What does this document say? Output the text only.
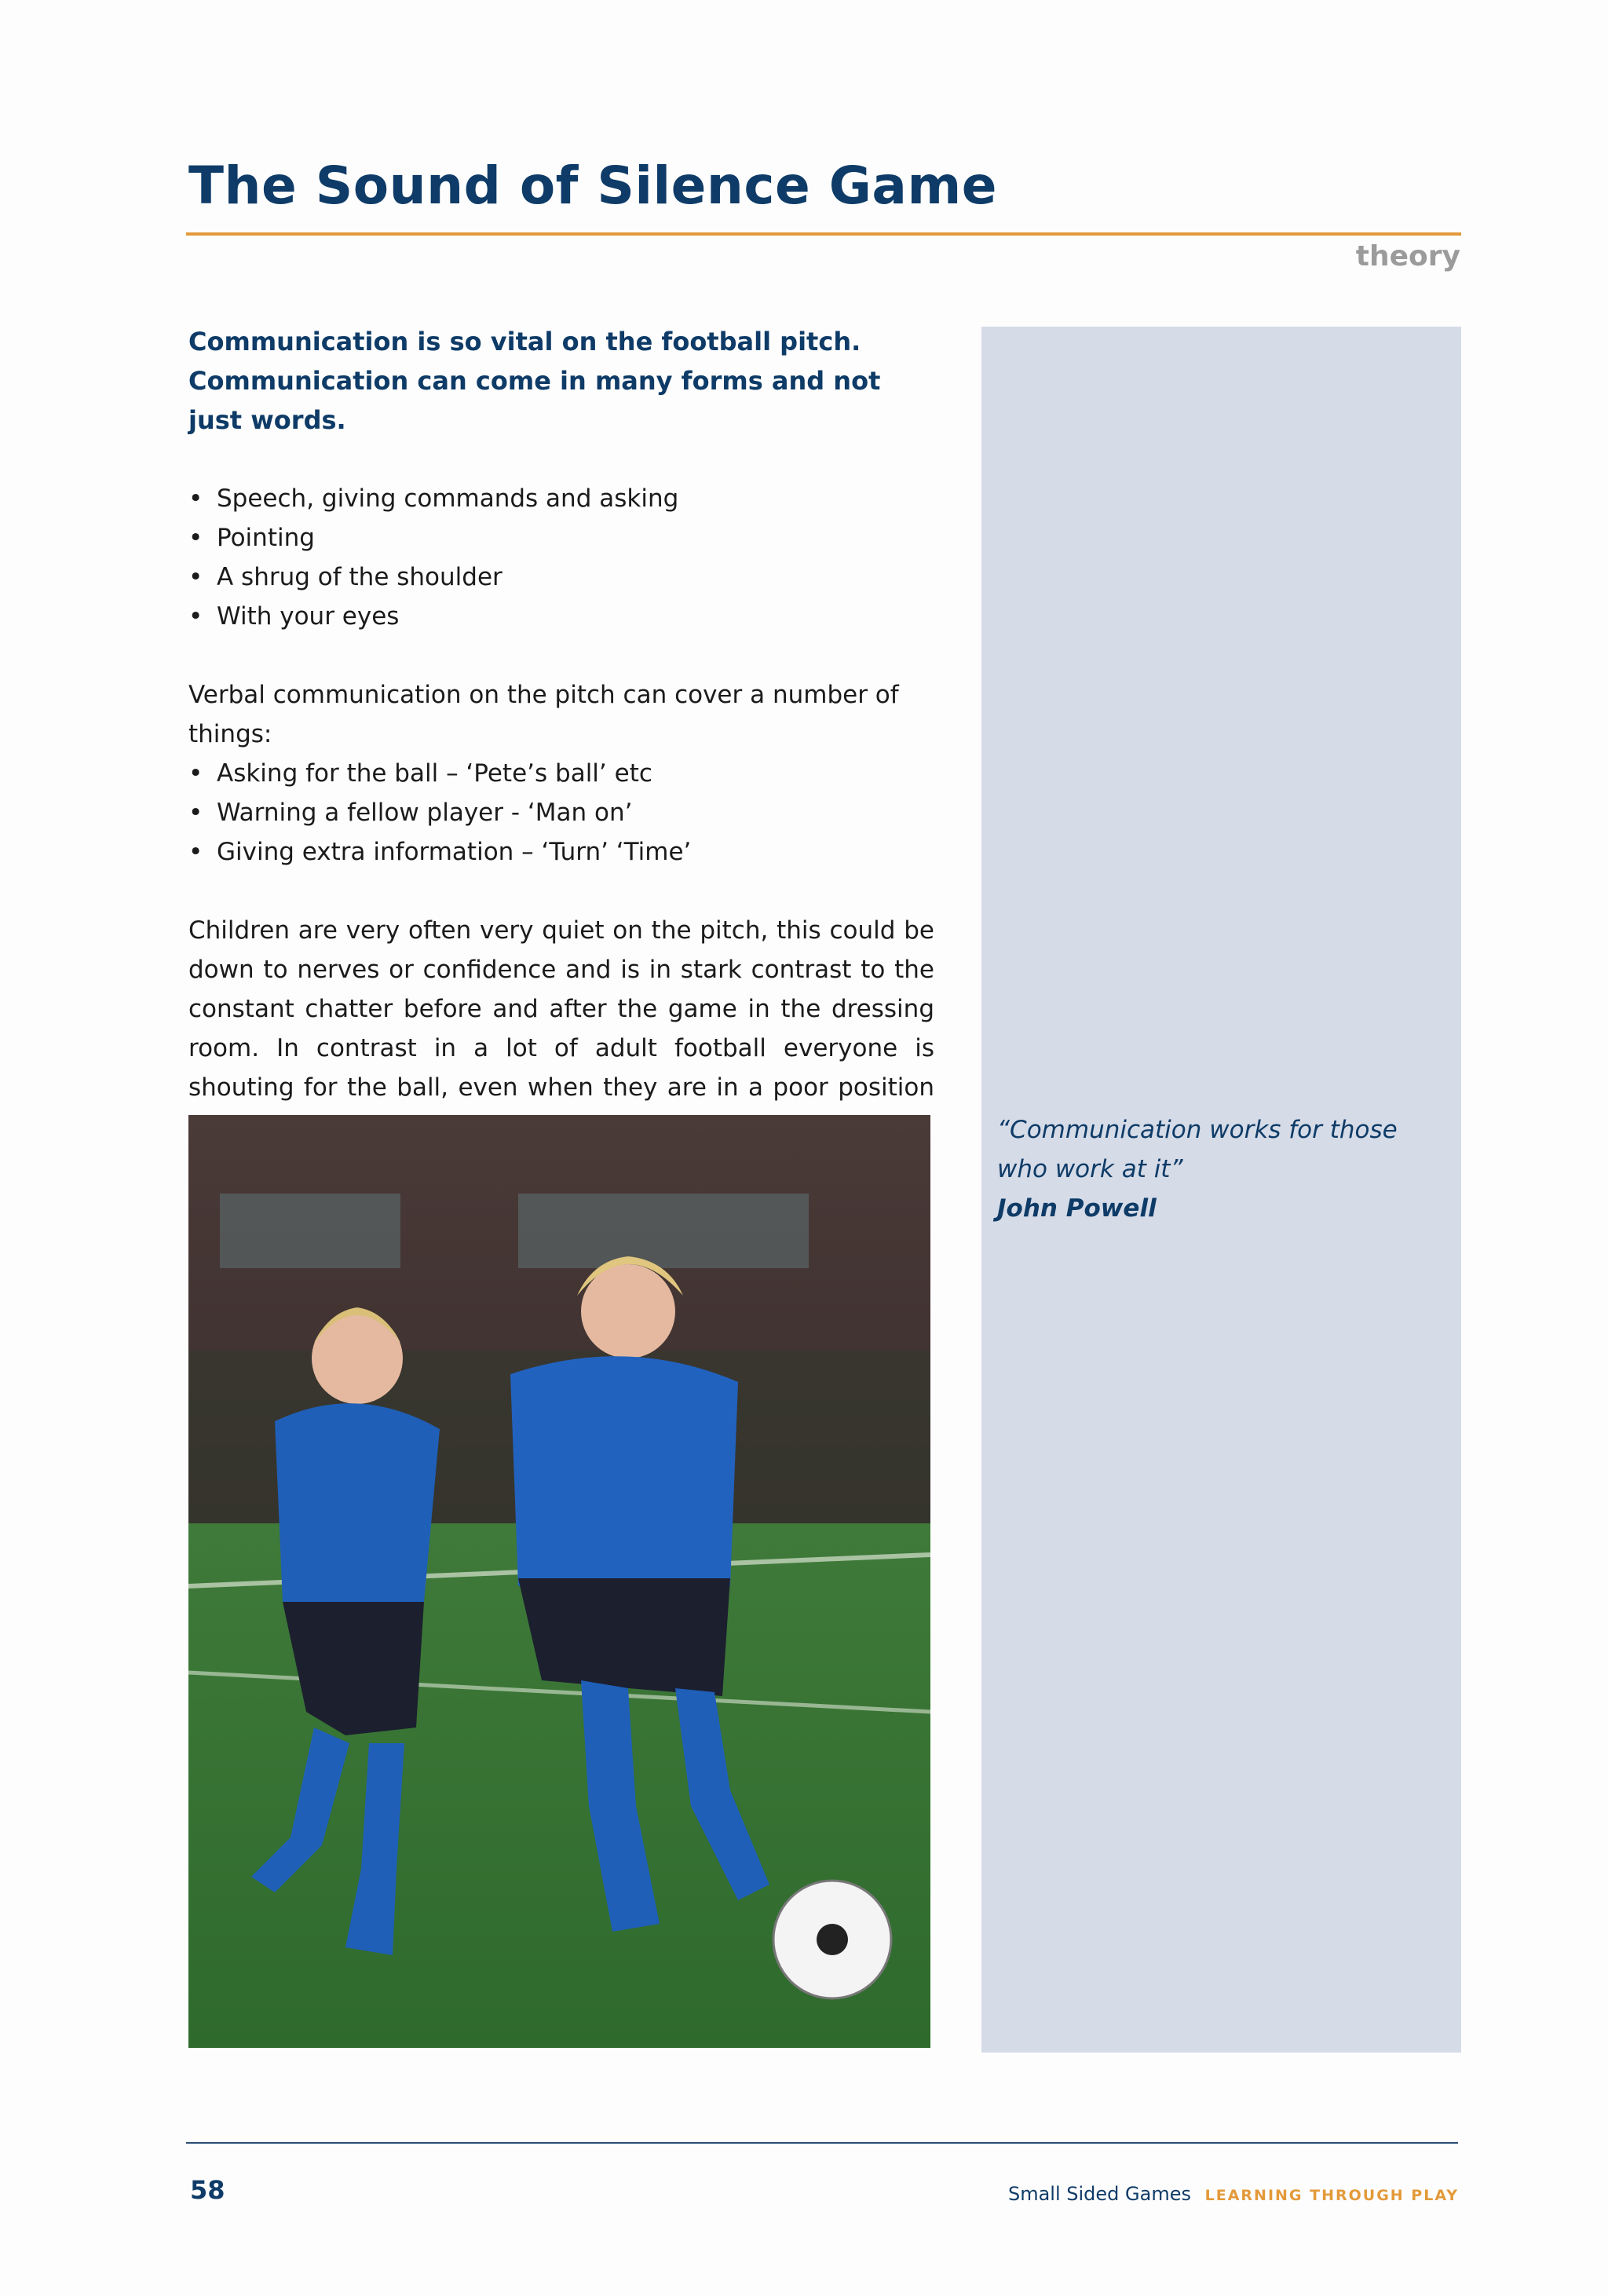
The Sound of Silence Game
theory

Communication is so vital on the football pitch. Communication can come in many forms and not just words.

• Speech, giving commands and asking
• Pointing
• A shrug of the shoulder
• With your eyes

Verbal communication on the pitch can cover a number of things:

• Asking for the ball – ‘Pete’s ball’ etc
• Warning a fellow player - ‘Man on’
• Giving extra information – ‘Turn’ ‘Time’

Children are very often very quiet on the pitch, this could be down to nerves or confidence and is in stark contrast to the constant chatter before and after the game in the dressing room. In contrast in a lot of adult football everyone is shouting for the ball, even when they are in a poor position

“Communication works for those who work at it”
John Powell
58	Small Sided Games LEARNING THROUGH PLAY
